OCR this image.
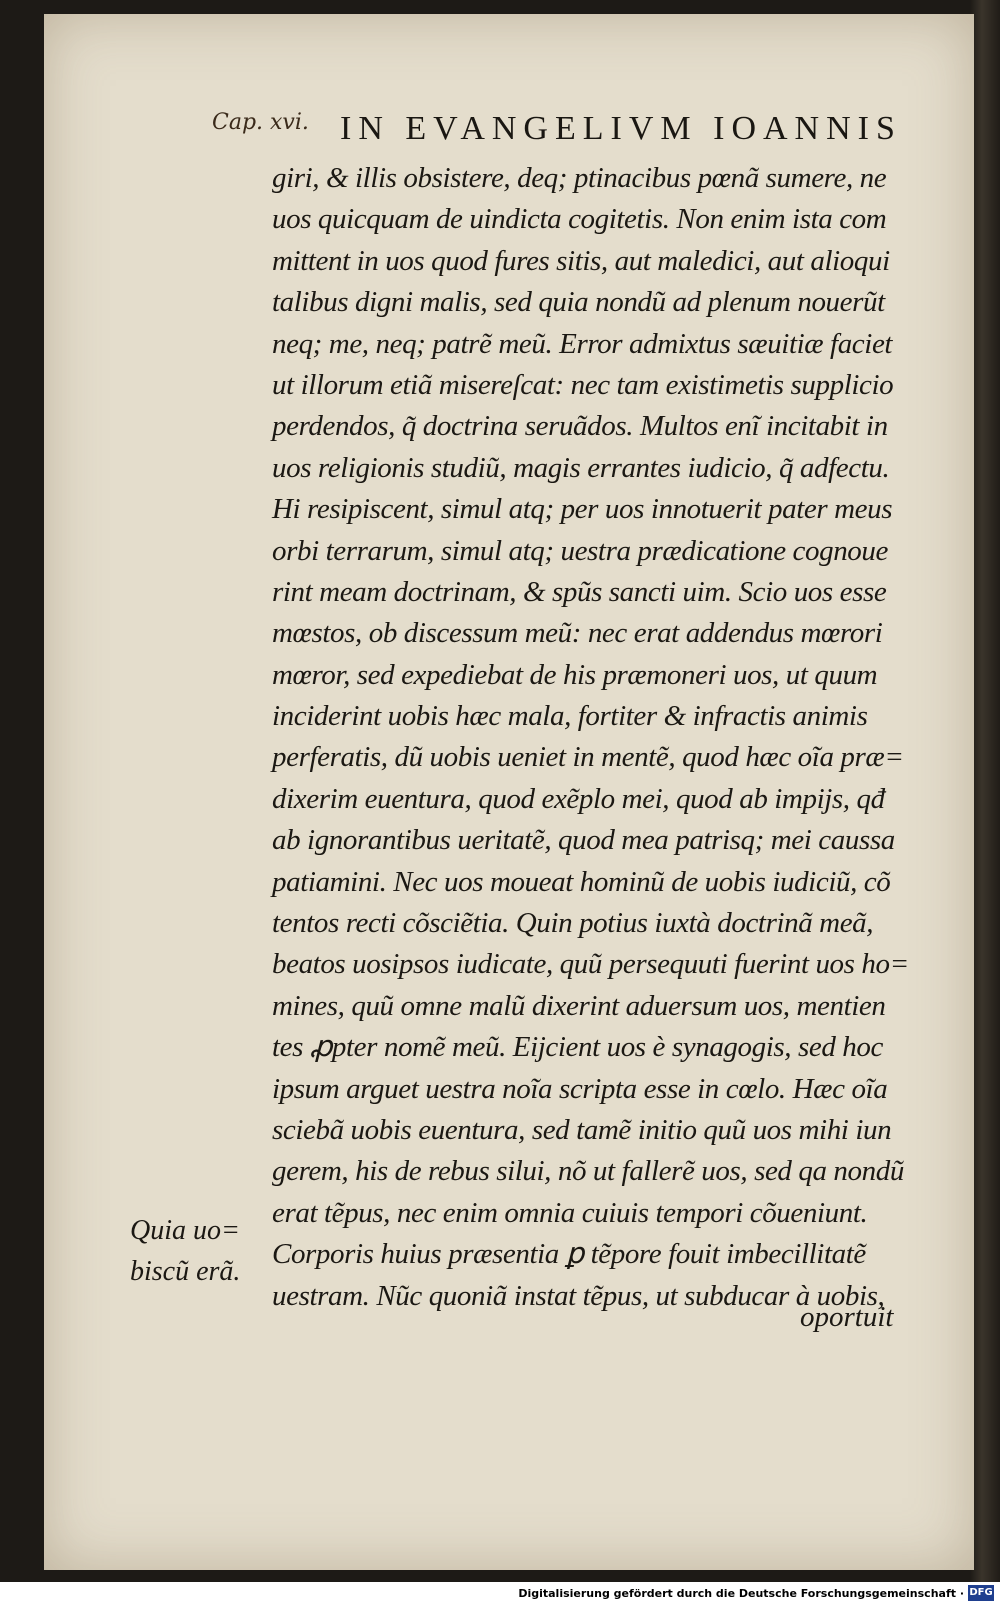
Cap. xvi. IN EVANGELIVM IOANNIS
giri, & illis obsistere, deq; ptinacibus pœnã sumere, ne
uos quicquam de uindicta cogitetis. Non enim ista com
mittent in uos quod fures sitis, aut maledici, aut alioqui
talibus digni malis, sed quia nondũ ad plenum nouerũt
neq; me, neq; patrẽ meũ. Error admixtus sæuitiæ faciet
ut illorum etiã misereſcat: nec tam existimetis supplicio
perdendos, q̃ doctrina seruãdos. Multos enĩ incitabit in
uos religionis studiũ, magis errantes iudicio, q̃ adfectu.
Hi resipiscent, simul atq; per uos innotuerit pater meus
orbi terrarum, simul atq; uestra prædicatione cognoue
rint meam doctrinam, & spũs sancti uim. Scio uos esse
mœstos, ob discessum meũ: nec erat addendus mœrori
mœror, sed expediebat de his præmoneri uos, ut quum
inciderint uobis hæc mala, fortiter & infractis animis
perferatis, dũ uobis ueniet in mentẽ, quod hæc oĩa præ=
dixerim euentura, quod exẽplo mei, quod ab impijs, qđ
ab ignorantibus ueritatẽ, quod mea patrisq; mei caussa
patiamini. Nec uos moueat hominũ de uobis iudiciũ, cõ
tentos recti cõsciẽtia. Quin potius iuxtà doctrinã meã,
beatos uosipsos iudicate, quũ persequuti fuerint uos ho=
mines, quũ omne malũ dixerint aduersum uos, mentien
tes ꝓpter nomẽ meũ. Eijcient uos è synagogis, sed hoc
ipsum arguet uestra noĩa scripta esse in cœlo. Hæc oĩa
sciebã uobis euentura, sed tamẽ initio quũ uos mihi iun
gerem, his de rebus silui, nõ ut fallerẽ uos, sed qa nondũ
erat tẽpus, nec enim omnia cuiuis tempori cõueniunt.
Corporis huius præsentia ꝑ tẽpore fouit imbecillitatẽ
uestram. Nũc quoniã instat tẽpus, ut subducar à uobis,
Quia uo=
biscũ erã.
oportuit
Digitalisierung gefördert durch die Deutsche Forschungsgemeinschaft · DFG
